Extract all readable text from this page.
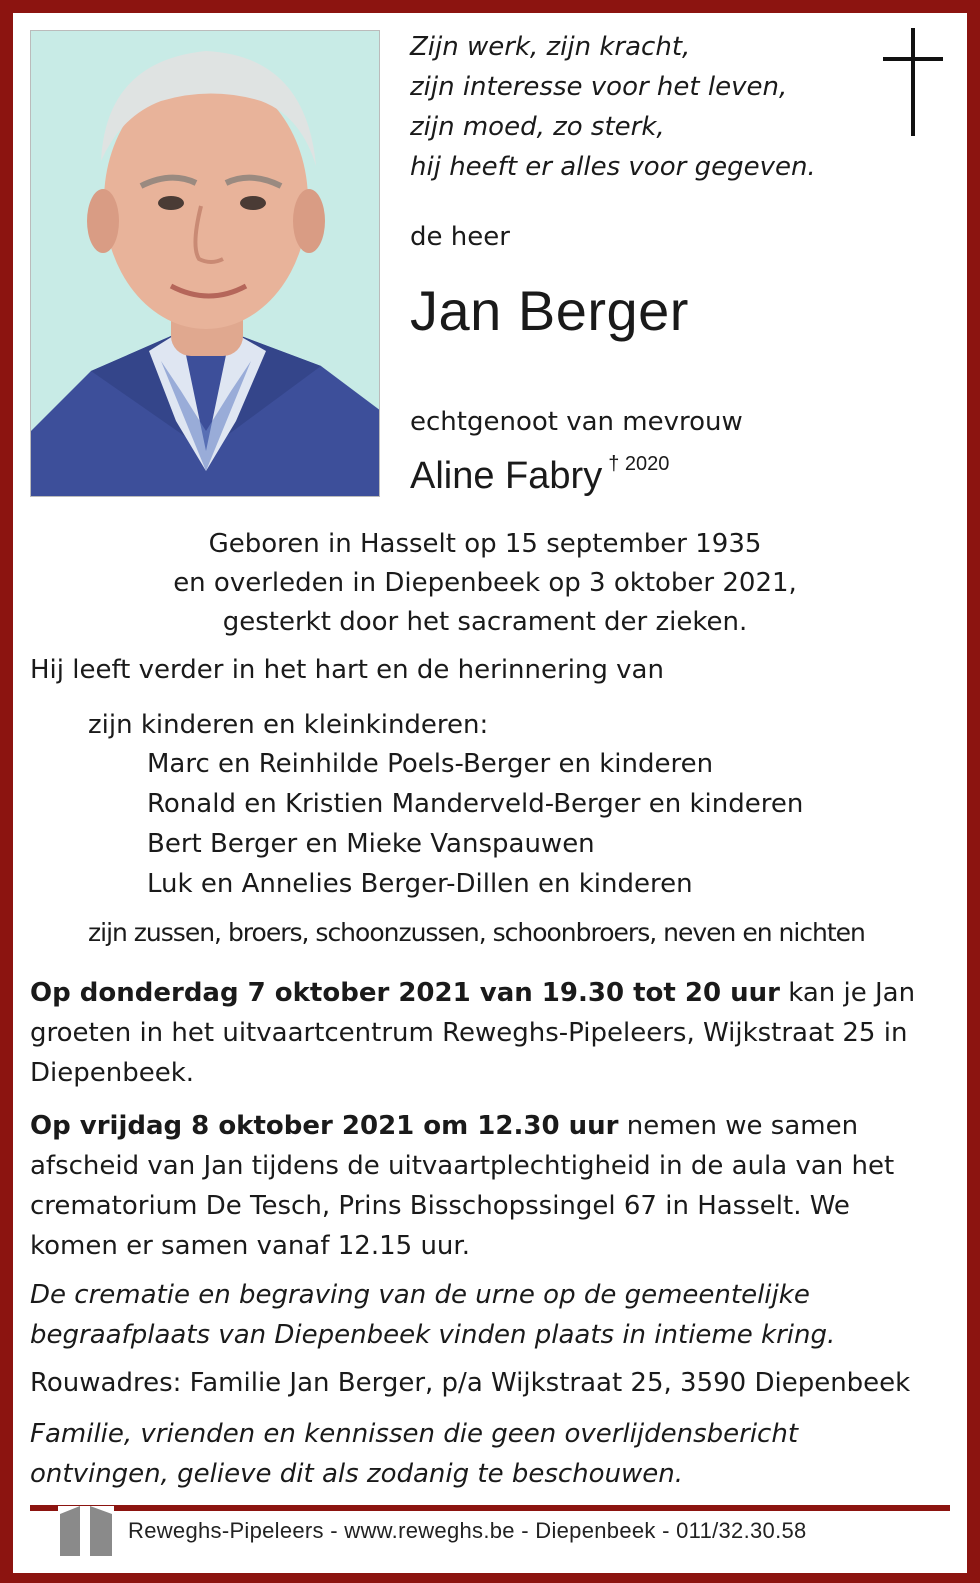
Zijn werk, zijn kracht,
zijn interesse voor het leven,
zijn moed, zo sterk,
hij heeft er alles voor gegeven.
de heer
Jan Berger
echtgenoot van mevrouw
Aline Fabry $^{\dagger 2020}$
Geboren in Hasselt op 15 september 1935
en overleden in Diepenbeek op 3 oktober 2021,
gesterkt door het sacrament der zieken.
Hij leeft verder in het hart en de herinnering van
zijn kinderen en kleinkinderen:
Marc en Reinhilde Poels-Berger en kinderen
Ronald en Kristien Manderveld-Berger en kinderen
Bert Berger en Mieke Vanspauwen
Luk en Annelies Berger-Dillen en kinderen
zijn zussen, broers, schoonzussen, schoonbroers, neven en nichten
Op donderdag 7 oktober 2021 van 19.30 tot 20 uur kan je Jan groeten in het uitvaartcentrum Reweghs-Pipeleers, Wijkstraat 25 in Diepenbeek.
Op vrijdag 8 oktober 2021 om 12.30 uur nemen we samen afscheid van Jan tijdens de uitvaartplechtigheid in de aula van het crematorium De Tesch, Prins Bisschopssingel 67 in Hasselt. We komen er samen vanaf 12.15 uur.
De crematie en begraving van de urne op de gemeentelijke begraafplaats van Diepenbeek vinden plaats in intieme kring.
Rouwadres: Familie Jan Berger, p/a Wijkstraat 25, 3590 Diepenbeek
Familie, vrienden en kennissen die geen overlijdensbericht ontvingen, gelieve dit als zodanig te beschouwen.
Reweghs-Pipeleers - www.reweghs.be - Diepenbeek - 011/32.30.58
